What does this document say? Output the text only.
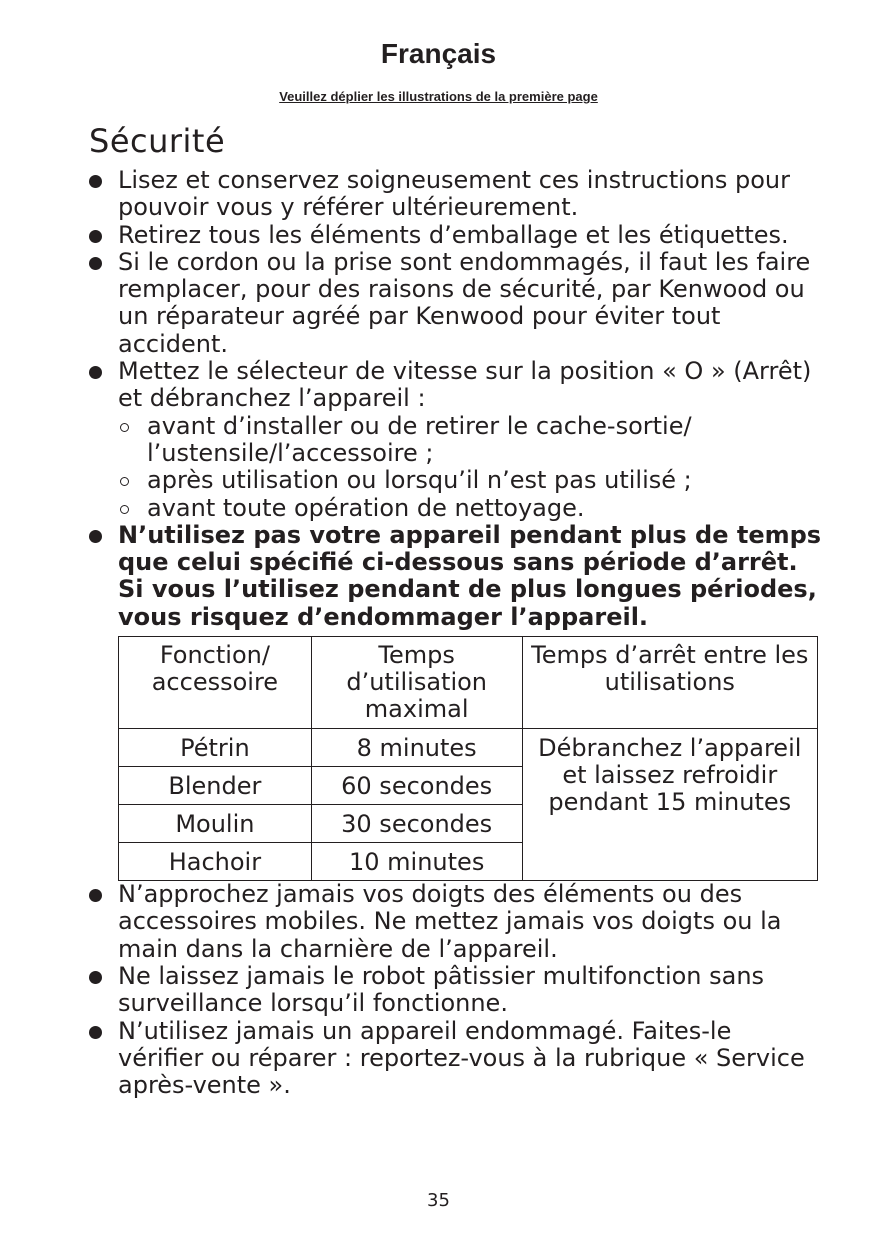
Français
Veuillez déplier les illustrations de la première page
Sécurité
Lisez et conservez soigneusement ces instructions pour pouvoir vous y référer ultérieurement.
Retirez tous les éléments d’emballage et les étiquettes.
Si le cordon ou la prise sont endommagés, il faut les faire remplacer, pour des raisons de sécurité, par Kenwood ou un réparateur agréé par Kenwood pour éviter tout accident.
Mettez le sélecteur de vitesse sur la position « O » (Arrêt) et débranchez l’appareil :
avant d’installer ou de retirer le cache-sortie/ l’ustensile/l’accessoire ;
après utilisation ou lorsqu’il n’est pas utilisé ;
avant toute opération de nettoyage.
N’utilisez pas votre appareil pendant plus de temps que celui spécifié ci-dessous sans période d’arrêt. Si vous l’utilisez pendant de plus longues périodes, vous risquez d’endommager l’appareil.
Fonction/ accessoire	Temps d’utilisation maximal	Temps d’arrêt entre les utilisations
Pétrin	8 minutes	Débranchez l’appareil et laissez refroidir pendant 15 minutes
Blender	60 secondes	
Moulin	30 secondes	
Hachoir	10 minutes	
N’approchez jamais vos doigts des éléments ou des accessoires mobiles. Ne mettez jamais vos doigts ou la main dans la charnière de l’appareil.
Ne laissez jamais le robot pâtissier multifonction sans surveillance lorsqu’il fonctionne.
N’utilisez jamais un appareil endommagé. Faites-le vérifier ou réparer : reportez-vous à la rubrique « Service après-vente ».
35
